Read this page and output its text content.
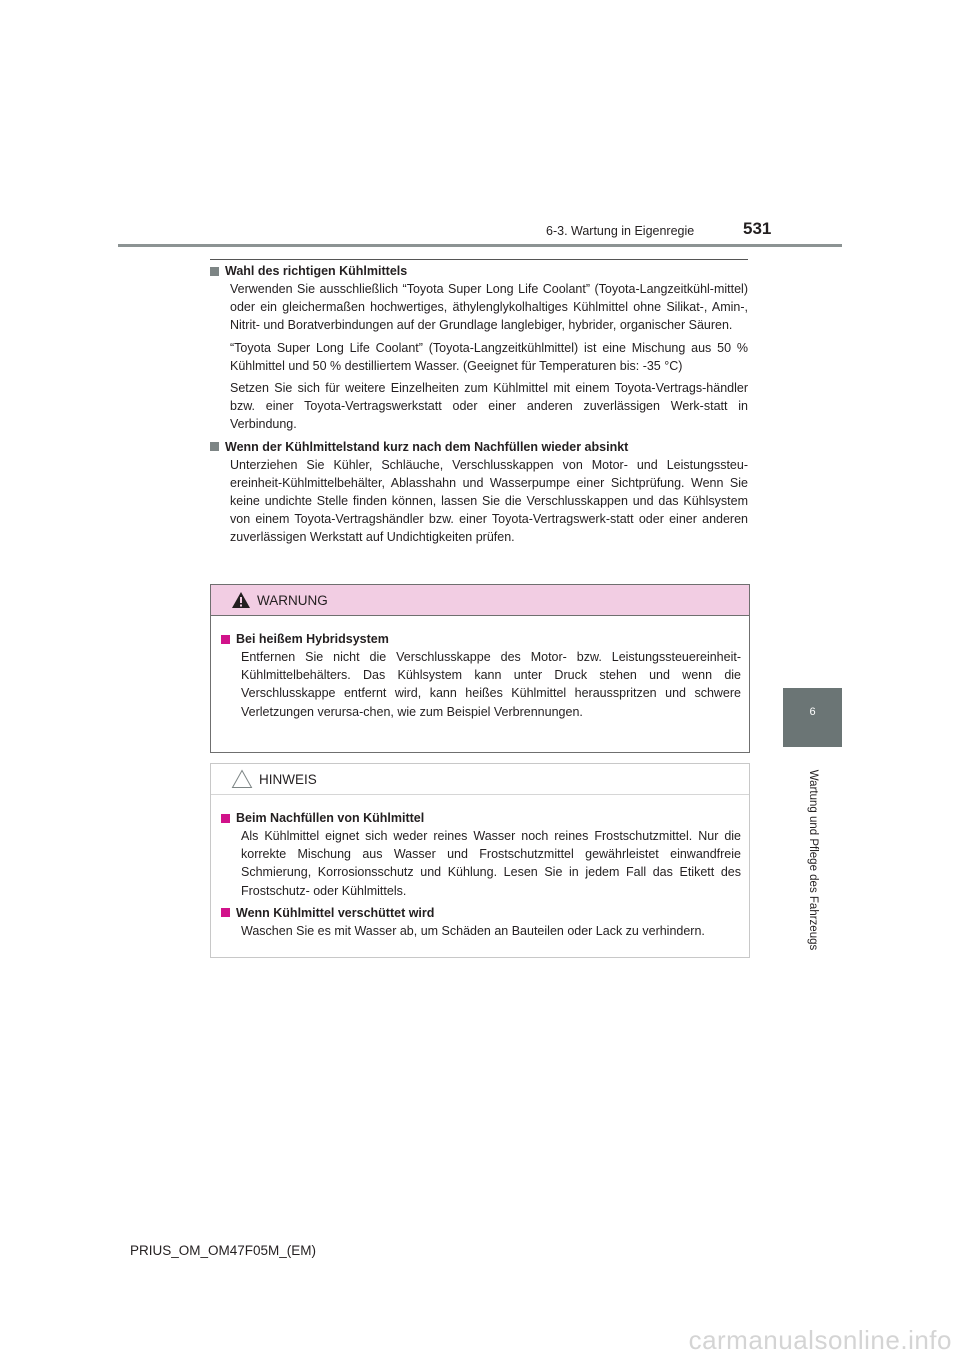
6-3. Wartung in Eigenregie	531
6
Wartung und Pflege des Fahrzeugs

Wahl des richtigen Kühlmittels

Verwenden Sie ausschließlich “Toyota Super Long Life Coolant” (Toyota-Langzeitkühl-mittel) oder ein gleichermaßen hochwertiges, äthylenglykolhaltiges Kühlmittel ohne Silikat-, Amin-, Nitrit- und Boratverbindungen auf der Grundlage langlebiger, hybrider, organischer Säuren.

“Toyota Super Long Life Coolant” (Toyota-Langzeitkühlmittel) ist eine Mischung aus 50 % Kühlmittel und 50 % destilliertem Wasser. (Geeignet für Temperaturen bis: -35 °C)

Setzen Sie sich für weitere Einzelheiten zum Kühlmittel mit einem Toyota-Vertrags-händler bzw. einer Toyota-Vertragswerkstatt oder einer anderen zuverlässigen Werk-statt in Verbindung.

Wenn der Kühlmittelstand kurz nach dem Nachfüllen wieder absinkt

Unterziehen Sie Kühler, Schläuche, Verschlusskappen von Motor- und Leistungssteu-ereinheit-Kühlmittelbehälter, Ablasshahn und Wasserpumpe einer Sichtprüfung. Wenn Sie keine undichte Stelle finden können, lassen Sie die Verschlusskappen und das Kühlsystem von einem Toyota-Vertragshändler bzw. einer Toyota-Vertragswerk-statt oder einer anderen zuverlässigen Werkstatt auf Undichtigkeiten prüfen.

WARNUNG

Bei heißem Hybridsystem

Entfernen Sie nicht die Verschlusskappe des Motor- bzw. Leistungssteuereinheit-Kühlmittelbehälters. Das Kühlsystem kann unter Druck stehen und wenn die Verschlusskappe entfernt wird, kann heißes Kühlmittel herausspritzen und schwere Verletzungen verursa-chen, wie zum Beispiel Verbrennungen.

HINWEIS

Beim Nachfüllen von Kühlmittel

Als Kühlmittel eignet sich weder reines Wasser noch reines Frostschutzmittel. Nur die korrekte Mischung aus Wasser und Frostschutzmittel gewährleistet einwandfreie Schmierung, Korrosionsschutz und Kühlung. Lesen Sie in jedem Fall das Etikett des Frostschutz- oder Kühlmittels.

Wenn Kühlmittel verschüttet wird

Waschen Sie es mit Wasser ab, um Schäden an Bauteilen oder Lack zu verhindern.

PRIUS_OM_OM47F05M_(EM)
carmanualsonline.info
